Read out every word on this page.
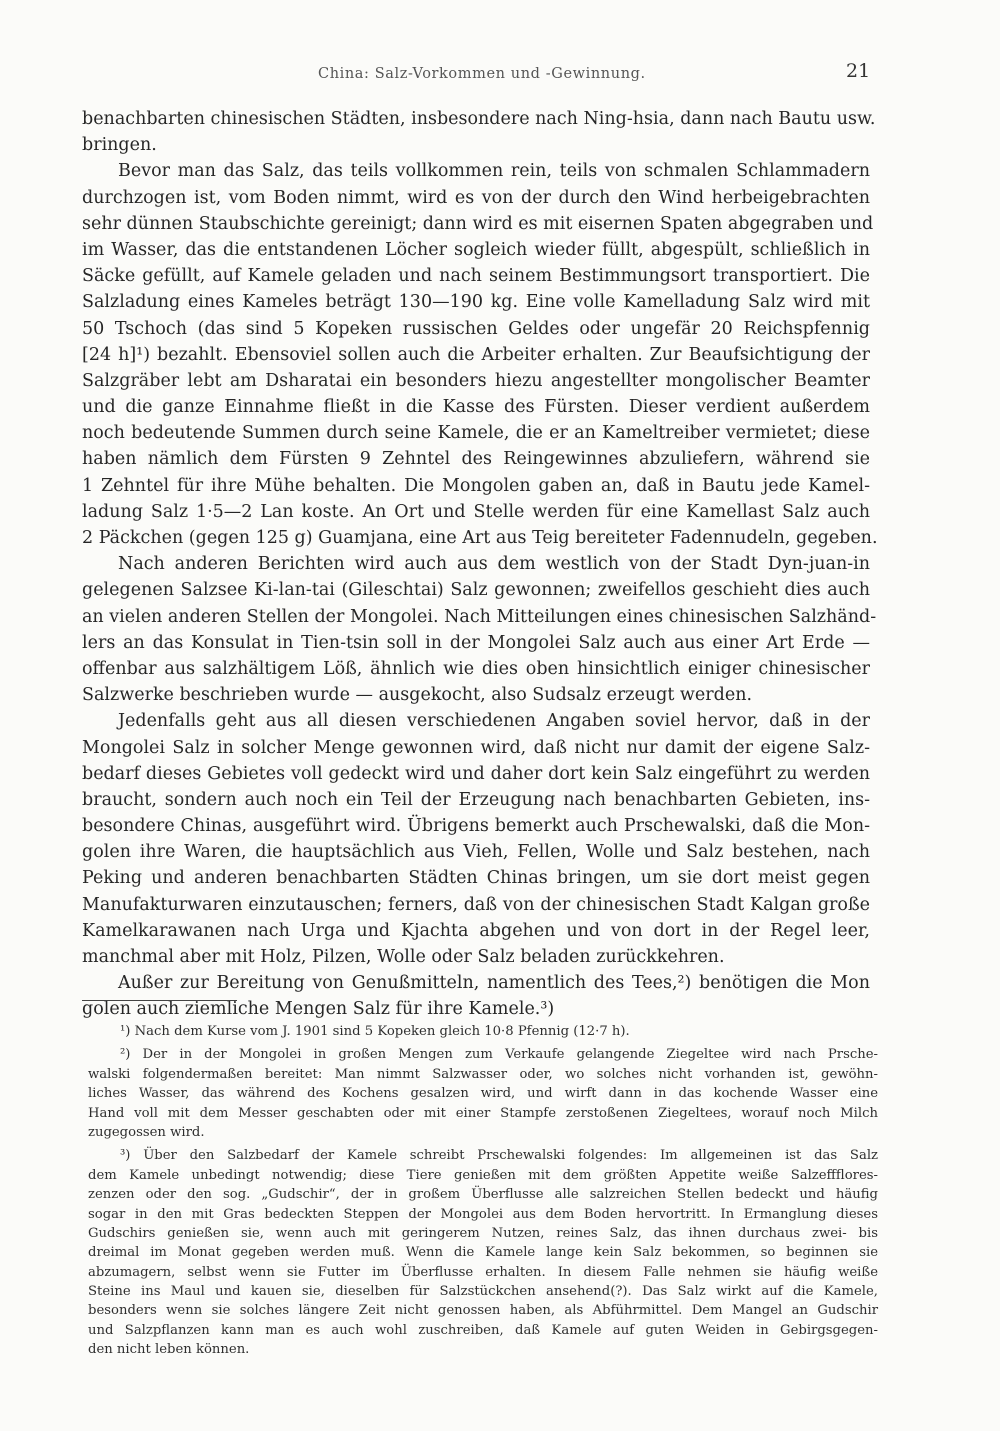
China: Salz-Vorkommen und -Gewinnung.	21
benachbarten chinesischen Städten, insbesondere nach Ning-hsia, dann nach Bautu usw.
bringen.
Bevor man das Salz, das teils vollkommen rein, teils von schmalen Schlammadern
durchzogen ist, vom Boden nimmt, wird es von der durch den Wind herbeigebrachten
sehr dünnen Staubschichte gereinigt; dann wird es mit eisernen Spaten abgegraben und
im Wasser, das die entstandenen Löcher sogleich wieder füllt, abgespült, schließlich in
Säcke gefüllt, auf Kamele geladen und nach seinem Bestimmungsort transportiert. Die
Salzladung eines Kameles beträgt 130—190 kg. Eine volle Kamelladung Salz wird mit
50 Tschoch (das sind 5 Kopeken russischen Geldes oder ungefär 20 Reichspfennig
[24 h]¹) bezahlt. Ebensoviel sollen auch die Arbeiter erhalten. Zur Beaufsichtigung der
Salzgräber lebt am Dsharatai ein besonders hiezu angestellter mongolischer Beamter
und die ganze Einnahme fließt in die Kasse des Fürsten. Dieser verdient außerdem
noch bedeutende Summen durch seine Kamele, die er an Kameltreiber vermietet; diese
haben nämlich dem Fürsten 9 Zehntel des Reingewinnes abzuliefern, während sie
1 Zehntel für ihre Mühe behalten. Die Mongolen gaben an, daß in Bautu jede Kamel-
ladung Salz 1·5—2 Lan koste. An Ort und Stelle werden für eine Kamellast Salz auch
2 Päckchen (gegen 125 g) Guamjana, eine Art aus Teig bereiteter Fadennudeln, gegeben.
Nach anderen Berichten wird auch aus dem westlich von der Stadt Dyn-juan-in
gelegenen Salzsee Ki-lan-tai (Gileschtai) Salz gewonnen; zweifellos geschieht dies auch
an vielen anderen Stellen der Mongolei. Nach Mitteilungen eines chinesischen Salzhänd-
lers an das Konsulat in Tien-tsin soll in der Mongolei Salz auch aus einer Art Erde —
offenbar aus salzhältigem Löß, ähnlich wie dies oben hinsichtlich einiger chinesischer
Salzwerke beschrieben wurde — ausgekocht, also Sudsalz erzeugt werden.
Jedenfalls geht aus all diesen verschiedenen Angaben soviel hervor, daß in der
Mongolei Salz in solcher Menge gewonnen wird, daß nicht nur damit der eigene Salz-
bedarf dieses Gebietes voll gedeckt wird und daher dort kein Salz eingeführt zu werden
braucht, sondern auch noch ein Teil der Erzeugung nach benachbarten Gebieten, ins-
besondere Chinas, ausgeführt wird. Übrigens bemerkt auch Prschewalski, daß die Mon-
golen ihre Waren, die hauptsächlich aus Vieh, Fellen, Wolle und Salz bestehen, nach
Peking und anderen benachbarten Städten Chinas bringen, um sie dort meist gegen
Manufakturwaren einzutauschen; ferners, daß von der chinesischen Stadt Kalgan große
Kamelkarawanen nach Urga und Kjachta abgehen und von dort in der Regel leer,
manchmal aber mit Holz, Pilzen, Wolle oder Salz beladen zurückkehren.
Außer zur Bereitung von Genußmitteln, namentlich des Tees,²) benötigen die Mon
golen auch ziemliche Mengen Salz für ihre Kamele.³)
¹) Nach dem Kurse vom J. 1901 sind 5 Kopeken gleich 10·8 Pfennig (12·7 h).
²) Der in der Mongolei in großen Mengen zum Verkaufe gelangende Ziegeltee wird nach Prsche-
walski folgendermaßen bereitet: Man nimmt Salzwasser oder, wo solches nicht vorhanden ist, gewöhn-
liches Wasser, das während des Kochens gesalzen wird, und wirft dann in das kochende Wasser eine
Hand voll mit dem Messer geschabten oder mit einer Stampfe zerstoßenen Ziegeltees, worauf noch Milch
zugegossen wird.
³) Über den Salzbedarf der Kamele schreibt Prschewalski folgendes: Im allgemeinen ist das Salz
dem Kamele unbedingt notwendig; diese Tiere genießen mit dem größten Appetite weiße Salzeffflores-
zenzen oder den sog. „Gudschir“, der in großem Überflusse alle salzreichen Stellen bedeckt und häufig
sogar in den mit Gras bedeckten Steppen der Mongolei aus dem Boden hervortritt. In Ermanglung dieses
Gudschirs genießen sie, wenn auch mit geringerem Nutzen, reines Salz, das ihnen durchaus zwei- bis
dreimal im Monat gegeben werden muß. Wenn die Kamele lange kein Salz bekommen, so beginnen sie
abzumagern, selbst wenn sie Futter im Überflusse erhalten. In diesem Falle nehmen sie häufig weiße
Steine ins Maul und kauen sie, dieselben für Salzstückchen ansehend(?). Das Salz wirkt auf die Kamele,
besonders wenn sie solches längere Zeit nicht genossen haben, als Abführmittel. Dem Mangel an Gudschir
und Salzpflanzen kann man es auch wohl zuschreiben, daß Kamele auf guten Weiden in Gebirgsgegen-
den nicht leben können.
